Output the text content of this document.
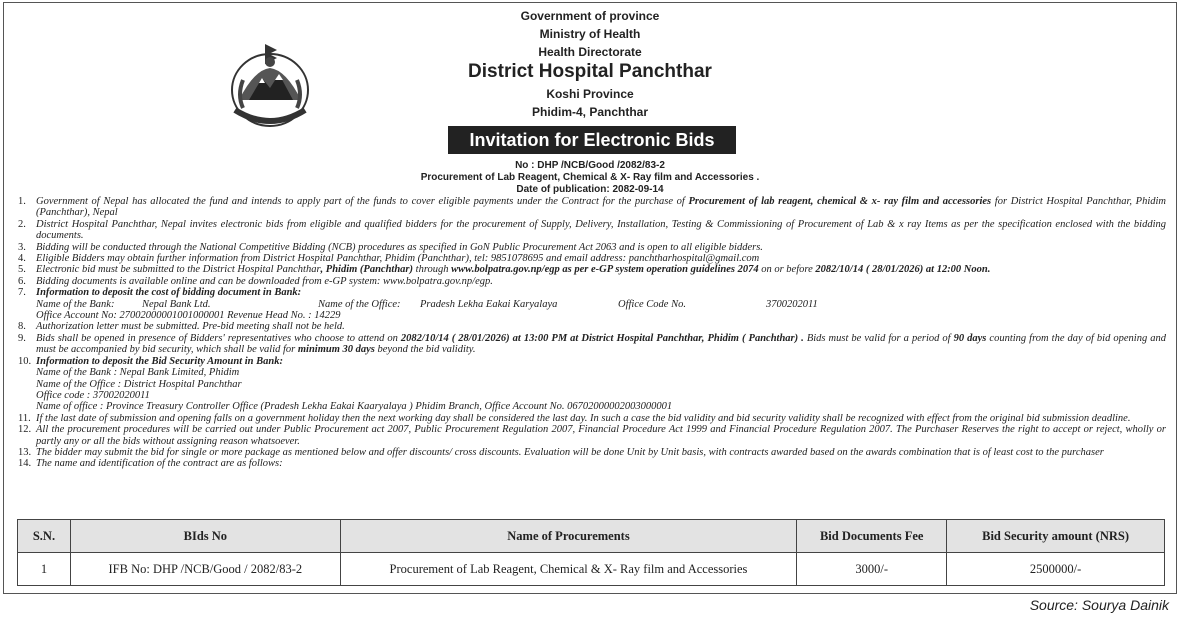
Government of province
Ministry of Health
Health Directorate
District Hospital Panchthar
Koshi Province
Phidim-4, Panchthar
Invitation for Electronic Bids
No : DHP /NCB/Good /2082/83-2
Procurement of Lab Reagent, Chemical & X- Ray film and Accessories .
Date of publication: 2082-09-14
1. Government of Nepal has allocated the fund and intends to apply part of the funds to cover eligible payments under the Contract for the purchase of Procurement of lab reagent, chemical & x- ray film and accessories for District Hospital Panchthar, Phidim (Panchthar), Nepal

2. District Hospital Panchthar, Nepal invites electronic bids from eligible and qualified bidders for the procurement of Supply, Delivery, Installation, Testing & Commissioning of Procurement of Lab & x ray Items as per the specification enclosed with the bidding documents.

3. Bidding will be conducted through the National Competitive Bidding (NCB) procedures as specified in GoN Public Procurement Act 2063 and is open to all eligible bidders.

4. Eligible Bidders may obtain further information from District Hospital Panchthar, Phidim (Panchthar), tel: 9851078695 and email address: panchtharhospital@gmail.com

5. Electronic bid must be submitted to the District Hospital Panchthar, Phidim (Panchthar) through www.bolpatra.gov.np/egp as per e-GP system operation guidelines 2074 on or before 2082/10/14 ( 28/01/2026) at 12:00 Noon.

6. Bidding documents is available online and can be downloaded from e-GP system: www.bolpatra.gov.np/egp.

7. Information to deposit the cost of bidding document in Bank:

Name of the Bank:	Nepal Bank Ltd.	Name of the Office: Pradesh Lekha Eakai Karyalaya	Office Code No.	3700202011

Office Account No: 27002000001001000001 Revenue Head No. : 14229

8. Authorization letter must be submitted. Pre-bid meeting shall not be held.

9. Bids shall be opened in presence of Bidders' representatives who choose to attend on 2082/10/14 ( 28/01/2026) at 13:00 PM at District Hospital Panchthar, Phidim ( Panchthar) . Bids must be valid for a period of 90 days counting from the day of bid opening and must be accompanied by bid security, which shall be valid for minimum 30 days beyond the bid validity.

10. Information to deposit the Bid Security Amount in Bank:

Name of the Bank : Nepal Bank Limited, Phidim

Name of the Office : District Hospital Panchthar

Office code : 37002020011

Name of office : Province Treasury Controller Office (Pradesh Lekha Eakai Kaaryalaya ) Phidim Branch, Office Account No. 06702000002003000001

11. If the last date of submission and opening falls on a government holiday then the next working day shall be considered the last day. In such a case the bid validity and bid security validity shall be recognized with effect from the original bid submission deadline.

12. All the procurement procedures will be carried out under Public Procurement act 2007, Public Procurement Regulation 2007, Financial Procedure Act 1999 and Financial Procedure Regulation 2007. The Purchaser Reserves the right to accept or reject, wholly or partly any or all the bids without assigning reason whatsoever.

13. The bidder may submit the bid for single or more package as mentioned below and offer discounts/ cross discounts. Evaluation will be done Unit by Unit basis, with contracts awarded based on the awards combination that is of least cost to the purchaser

14. The name and identification of the contract are as follows:

S.N.	BIds No	Name of Procurements	Bid Documents Fee	Bid Security amount (NRS)
1	IFB No: DHP /NCB/Good / 2082/83-2	Procurement of Lab Reagent, Chemical & X- Ray film and Accessories	3000/-	2500000/-
Source: Sourya Dainik
